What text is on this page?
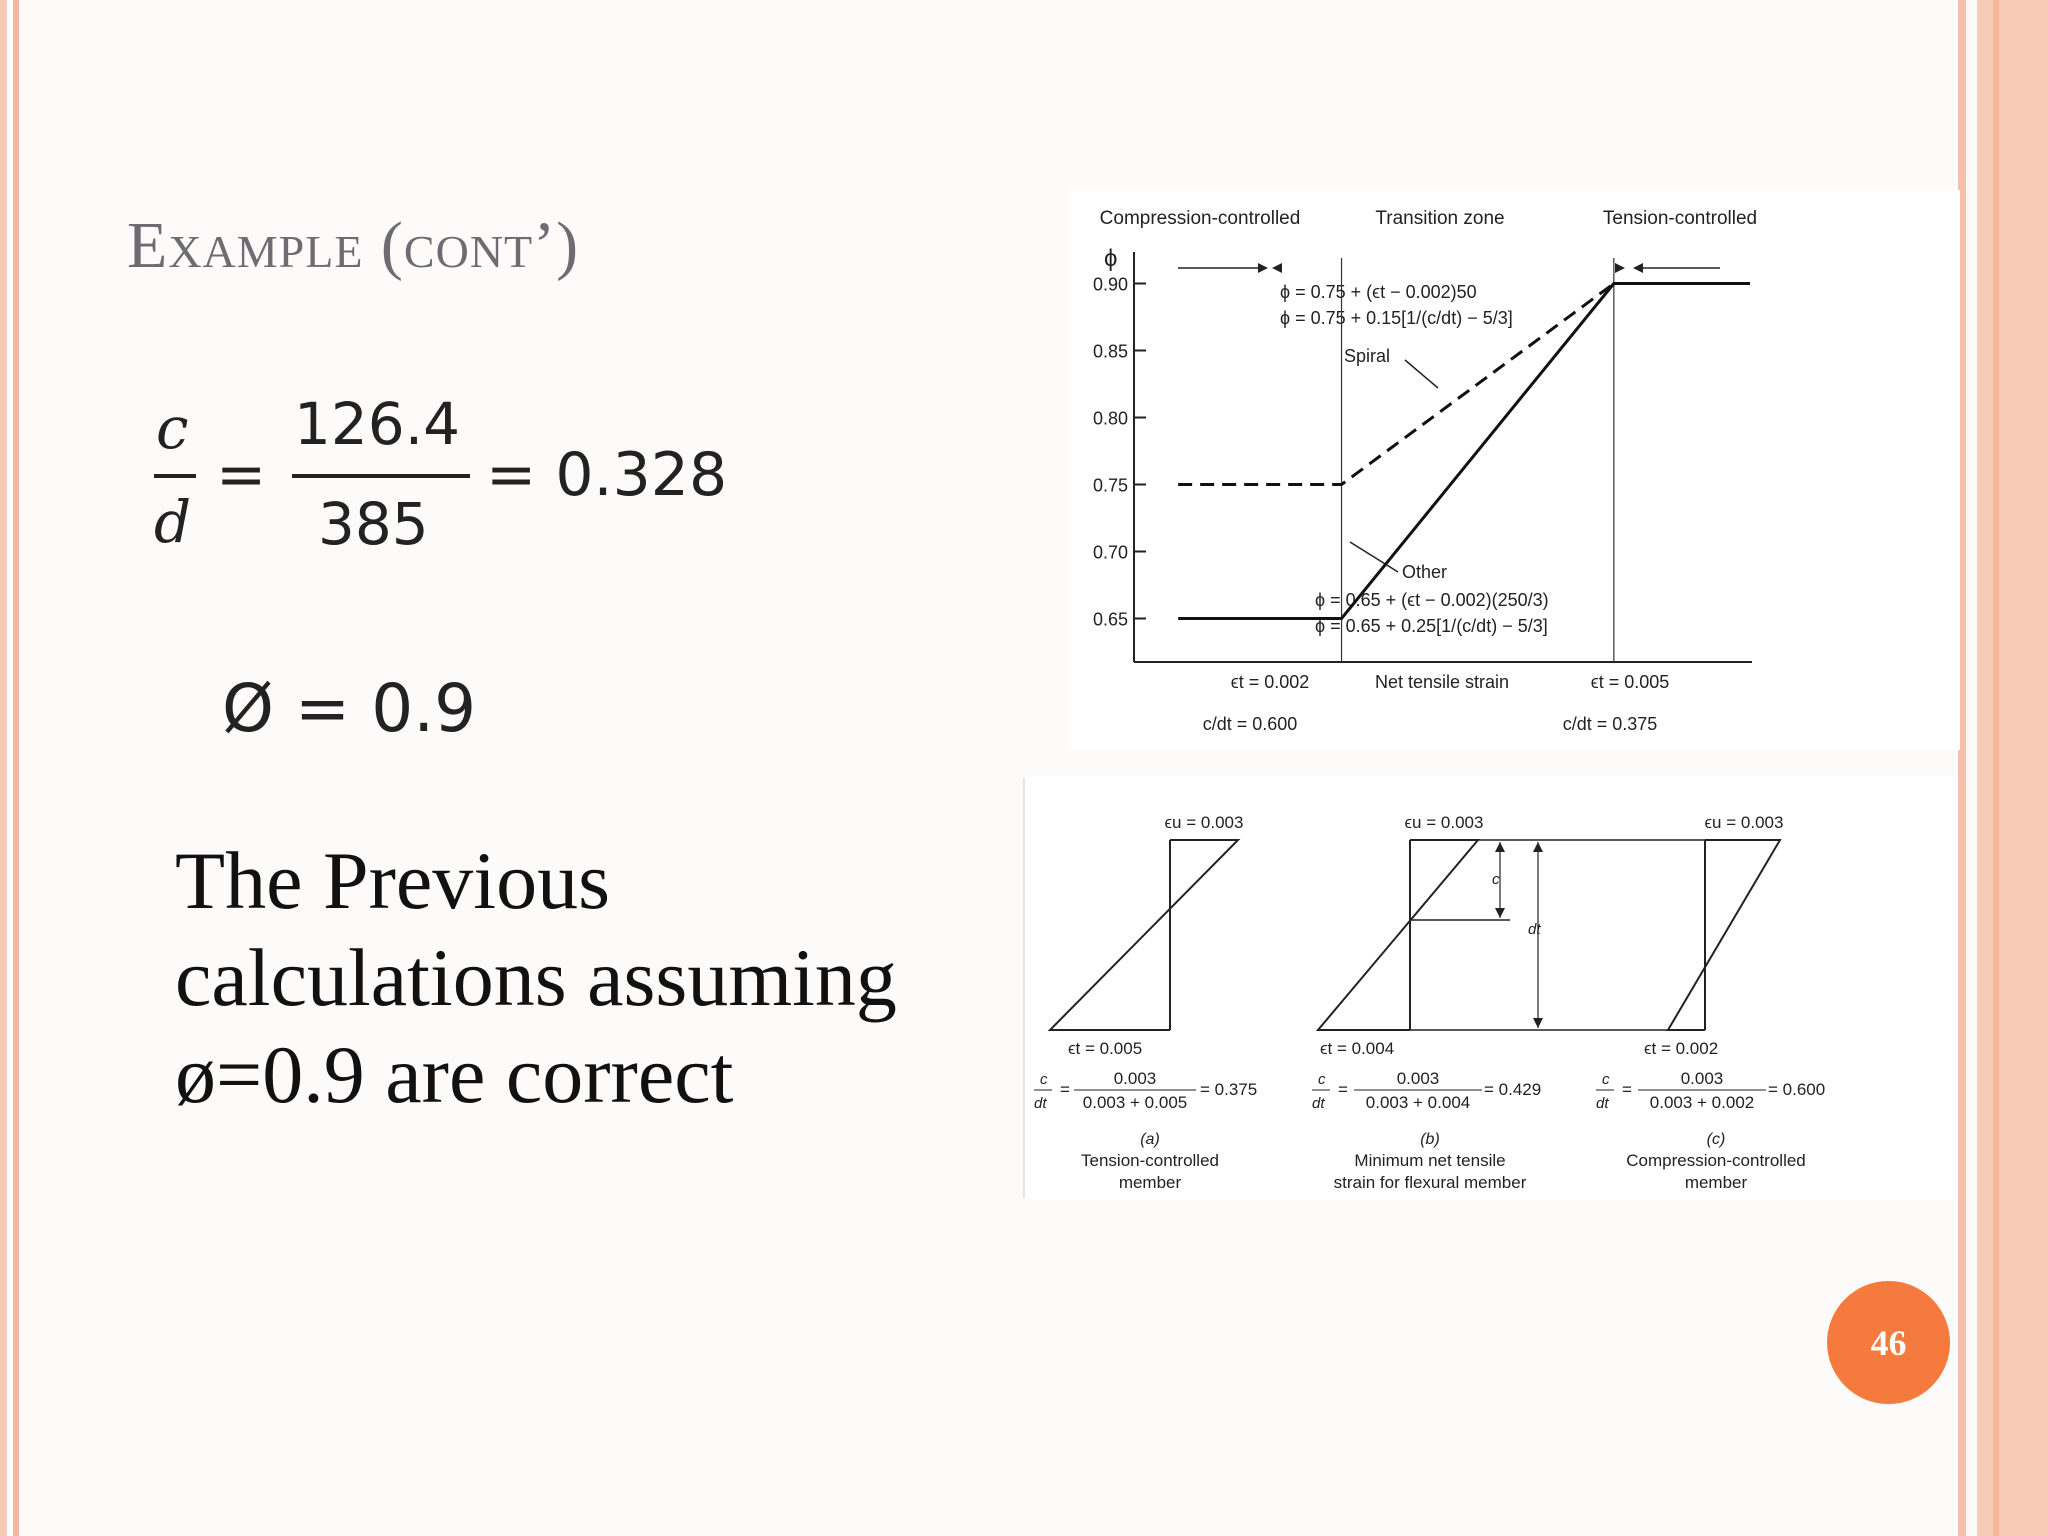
Example (cont’)
c
d
=
126.4
385
= 0.328
Ø = 0.9
The Previous
calculations assuming
ø=0.9 are correct
Compression-controlled	Transition zone	Tension-controlled
ϕ
ϕ = 0.75 + (ϵt − 0.002)50
ϕ = 0.75 + 0.15[1/(c/dt) − 5/3]
Spiral
Other
ϕ = 0.65 + (ϵt − 0.002)(250/3)
ϕ = 0.65 + 0.25[1/(c/dt) − 5/3]
ϵt = 0.002	Net tensile strain	ϵt = 0.005
c/dt = 0.600	c/dt = 0.375
0.90
0.85
0.80
0.75
0.70
0.65
ϵu = 0.003
ϵt = 0.005
c
dt
=
0.003
0.003 + 0.005
= 0.375
(a)
Tension-controlled
member
ϵu = 0.003
c
dt
ϵt = 0.004
c
dt
=
0.003
0.003 + 0.004
= 0.429
(b)
Minimum net tensile
strain for flexural member
ϵu = 0.003
ϵt = 0.002
c
dt
=
0.003
0.003 + 0.002
= 0.600
(c)
Compression-controlled
member
46
